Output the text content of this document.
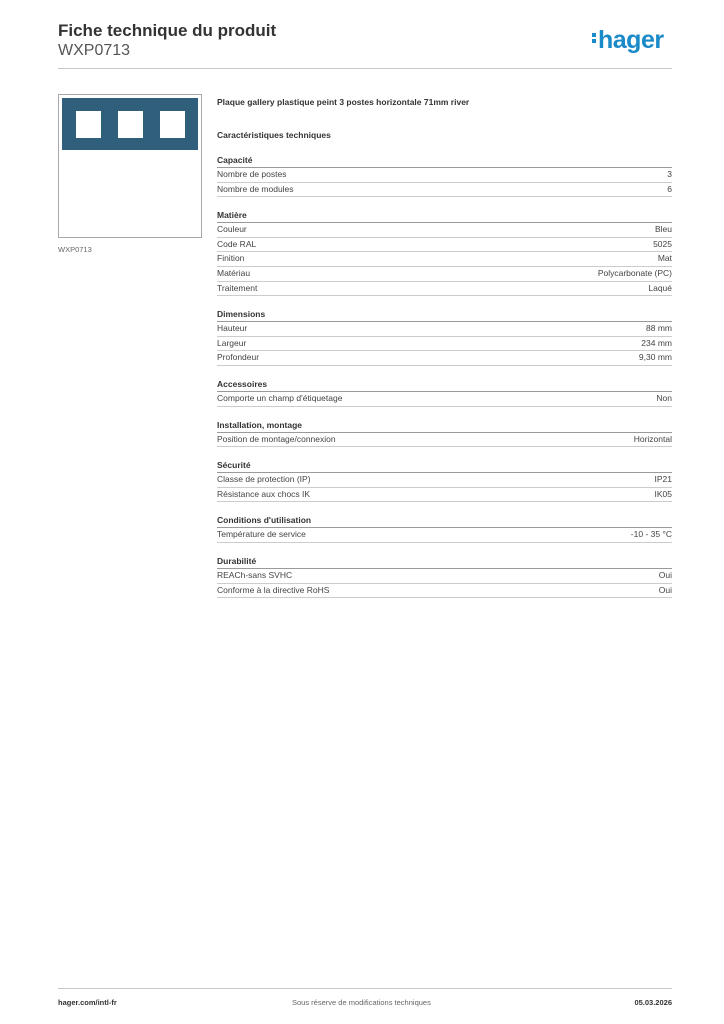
Fiche technique du produit
WXP0713	hager
WXP0713
Plaque gallery plastique peint 3 postes horizontale 71mm river
Caractéristiques techniques
Capacité
Nombre de postes	3
Nombre de modules	6
Matière
Couleur	Bleu
Code RAL	5025
Finition	Mat
Matériau	Polycarbonate (PC)
Traitement	Laqué
Dimensions
Hauteur	88 mm
Largeur	234 mm
Profondeur	9,30 mm
Accessoires
Comporte un champ d'étiquetage	Non
Installation, montage
Position de montage/connexion	Horizontal
Sécurité
Classe de protection (IP)	IP21
Résistance aux chocs IK	IK05
Conditions d'utilisation
Température de service	-10 - 35 °C
Durabilité
REACh-sans SVHC	Oui
Conforme à la directive RoHS	Oui
hager.com/intl-fr	Sous réserve de modifications techniques	05.03.2026
